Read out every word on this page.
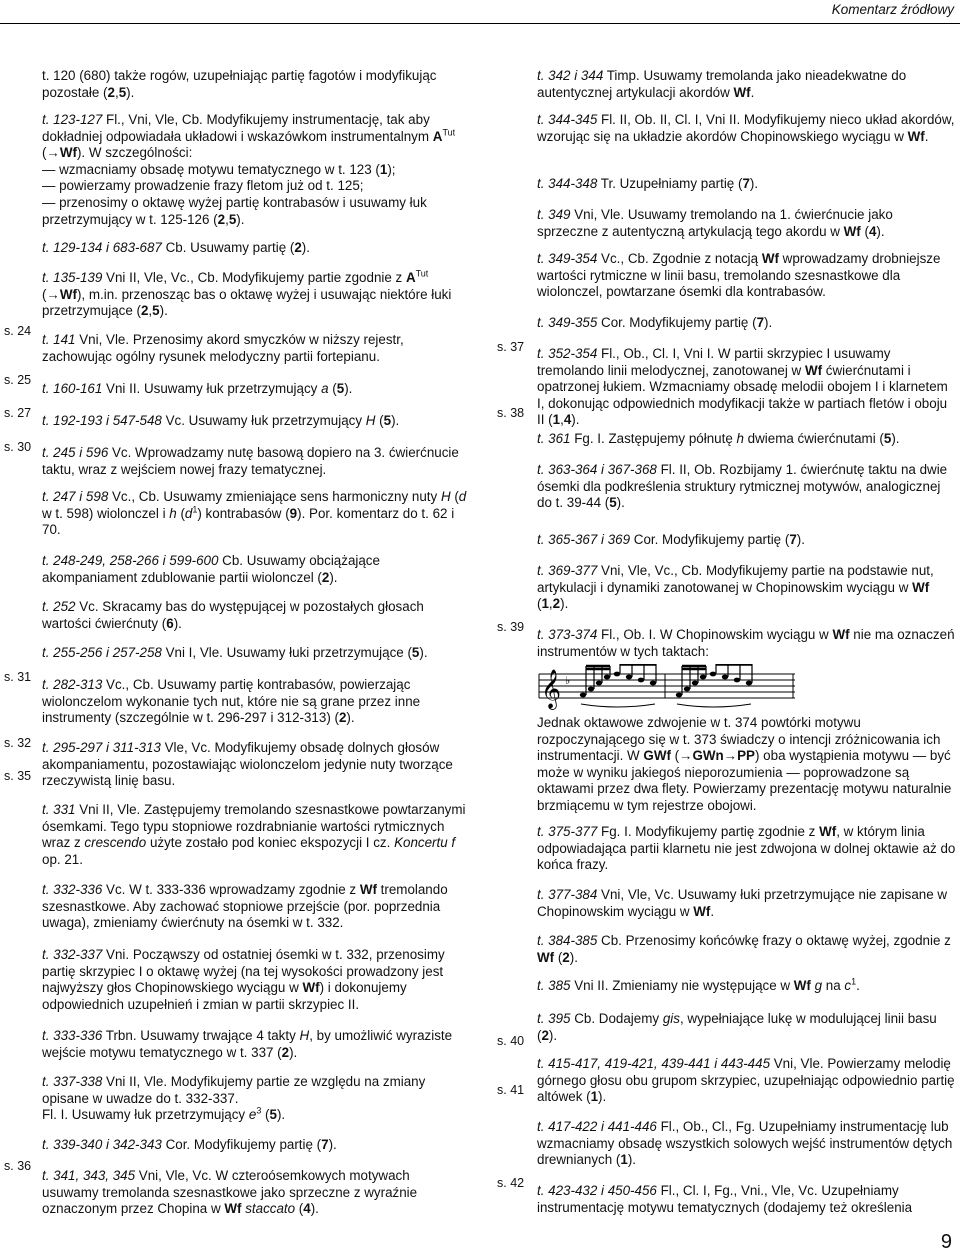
Komentarz źródłowy
s. 24
s. 25
s. 27
s. 30
s. 31
s. 32
s. 35
s. 36
s. 37
s. 38
s. 39
s. 40
s. 41
s. 42

t. 120 (680) także rogów, uzupełniając partię fagotów i modyfikując pozostałe (2,5).

t. 123-127 Fl., Vni, Vle, Cb. Modyfikujemy instrumentację, tak aby dokładniej odpowiadała układowi i wskazówkom instrumentalnym $A^{Tut}$ (→Wf). W szczególności:
— wzmacniamy obsadę motywu tematycznego w t. 123 (1);
— powierzamy prowadzenie frazy fletom już od t. 125;
— przenosimy o oktawę wyżej partię kontrabasów i usuwamy łuk przetrzymujący w t. 125-126 (2,5).

t. 129-134 i 683-687 Cb. Usuwamy partię (2).

t. 135-139 Vni II, Vle, Vc., Cb. Modyfikujemy partie zgodnie z $A^{Tut}$ (→Wf), m.in. przenosząc bas o oktawę wyżej i usuwając niektóre łuki przetrzymujące (2,5).

t. 141 Vni, Vle. Przenosimy akord smyczków w niższy rejestr, zachowując ogólny rysunek melodyczny partii fortepianu.

t. 160-161 Vni II. Usuwamy łuk przetrzymujący a (5).

t. 192-193 i 547-548 Vc. Usuwamy łuk przetrzymujący H (5).

t. 245 i 596 Vc. Wprowadzamy nutę basową dopiero na 3. ćwierćnucie taktu, wraz z wejściem nowej frazy tematycznej.

t. 247 i 598 Vc., Cb. Usuwamy zmieniające sens harmoniczny nuty H (d w t. 598) wiolonczel i h $(d^1)$ kontrabasów (9). Por. komentarz do t. 62 i 70.

t. 248-249, 258-266 i 599-600 Cb. Usuwamy obciążające akompaniament zdublowanie partii wiolonczel (2).

t. 252 Vc. Skracamy bas do występującej w pozostałych głosach wartości ćwierćnuty (6).

t. 255-256 i 257-258 Vni I, Vle. Usuwamy łuki przetrzymujące (5).

t. 282-313 Vc., Cb. Usuwamy partię kontrabasów, powierzając wiolonczelom wykonanie tych nut, które nie są grane przez inne instrumenty (szczególnie w t. 296-297 i 312-313) (2).

t. 295-297 i 311-313 Vle, Vc. Modyfikujemy obsadę dolnych głosów akompaniamentu, pozostawiając wiolonczelom jedynie nuty tworzące rzeczywistą linię basu.

t. 331 Vni II, Vle. Zastępujemy tremolando szesnastkowe powtarzanymi ósemkami. Tego typu stopniowe rozdrabnianie wartości rytmicznych wraz z crescendo użyte zostało pod koniec ekspozycji I cz. Koncertu f op. 21.

t. 332-336 Vc. W t. 333-336 wprowadzamy zgodnie z Wf tremolando szesnastkowe. Aby zachować stopniowe przejście (por. poprzednia uwaga), zmieniamy ćwierćnuty na ósemki w t. 332.

t. 332-337 Vni. Począwszy od ostatniej ósemki w t. 332, przenosimy partię skrzypiec I o oktawę wyżej (na tej wysokości prowadzony jest najwyższy głos Chopinowskiego wyciągu w Wf) i dokonujemy odpowiednich uzupełnień i zmian w partii skrzypiec II.

t. 333-336 Trbn. Usuwamy trwające 4 takty H, by umożliwić wyraziste wejście motywu tematycznego w t. 337 (2).

t. 337-338 Vni II, Vle. Modyfikujemy partie ze względu na zmiany opisane w uwadze do t. 332-337.
Fl. I. Usuwamy łuk przetrzymujący $e^3$ (5).

t. 339-340 i 342-343 Cor. Modyfikujemy partię (7).

t. 341, 343, 345 Vni, Vle, Vc. W czteroósemkowych motywach usuwamy tremolanda szesnastkowe jako sprzeczne z wyraźnie oznaczonym przez Chopina w Wf staccato (4).

t. 342 i 344 Timp. Usuwamy tremolanda jako nieadekwatne do autentycznej artykulacji akordów Wf.

t. 344-345 Fl. II, Ob. II, Cl. I, Vni II. Modyfikujemy nieco układ akordów, wzorując się na układzie akordów Chopinowskiego wyciągu w Wf.

t. 344-348 Tr. Uzupełniamy partię (7).

t. 349 Vni, Vle. Usuwamy tremolando na 1. ćwierćnucie jako sprzeczne z autentyczną artykulacją tego akordu w Wf (4).

t. 349-354 Vc., Cb. Zgodnie z notacją Wf wprowadzamy drobniejsze wartości rytmiczne w linii basu, tremolando szesnastkowe dla wiolonczel, powtarzane ósemki dla kontrabasów.

t. 349-355 Cor. Modyfikujemy partię (7).

t. 352-354 Fl., Ob., Cl. I, Vni I. W partii skrzypiec I usuwamy tremolando linii melodycznej, zanotowanej w Wf ćwierćnutami i opatrzonej łukiem. Wzmacniamy obsadę melodii obojem I i klarnetem I, dokonując odpowiednich modyfikacji także w partiach fletów i oboju II (1,4).

t. 361 Fg. I. Zastępujemy półnutę h dwiema ćwierćnutami (5).

t. 363-364 i 367-368 Fl. II, Ob. Rozbijamy 1. ćwierćnutę taktu na dwie ósemki dla podkreślenia struktury rytmicznej motywów, analogicznej do t. 39-44 (5).

t. 365-367 i 369 Cor. Modyfikujemy partię (7).

t. 369-377 Vni, Vle, Vc., Cb. Modyfikujemy partie na podstawie nut, artykulacji i dynamiki zanotowanej w Chopinowskim wyciągu w Wf (1,2).

t. 373-374 Fl., Ob. I. W Chopinowskim wyciągu w Wf nie ma oznaczeń instrumentów w tych taktach:

Jednak oktawowe zdwojenie w t. 374 powtórki motywu rozpoczynającego się w t. 373 świadczy o intencji zróżnicowania ich instrumentacji. W GWf (→GWn→PP) oba wystąpienia motywu — być może w wyniku jakiegoś nieporozumienia — poprowadzone są oktawami przez dwa flety. Powierzamy prezentację motywu naturalnie brzmiącemu w tym rejestrze obojowi.

t. 375-377 Fg. I. Modyfikujemy partię zgodnie z Wf, w którym linia odpowiadająca partii klarnetu nie jest zdwojona w dolnej oktawie aż do końca frazy.

t. 377-384 Vni, Vle, Vc. Usuwamy łuki przetrzymujące nie zapisane w Chopinowskim wyciągu w Wf.

t. 384-385 Cb. Przenosimy końcówkę frazy o oktawę wyżej, zgodnie z Wf (2).

t. 385 Vni II. Zmieniamy nie występujące w Wf g na $c^1$.

t. 395 Cb. Dodajemy gis, wypełniające lukę w modulującej linii basu (2).

t. 415-417, 419-421, 439-441 i 443-445 Vni, Vle. Powierzamy melodię górnego głosu obu grupom skrzypiec, uzupełniając odpowiednio partię altówek (1).

t. 417-422 i 441-446 Fl., Ob., Cl., Fg. Uzupełniamy instrumentację lub wzmacniamy obsadę wszystkich solowych wejść instrumentów dętych drewnianych (1).

t. 423-432 i 450-456 Fl., Cl. I, Fg., Vni., Vle, Vc. Uzupełniamy instrumentację motywu tematycznych (dodajemy też określenia

𝄞 ♭
9
